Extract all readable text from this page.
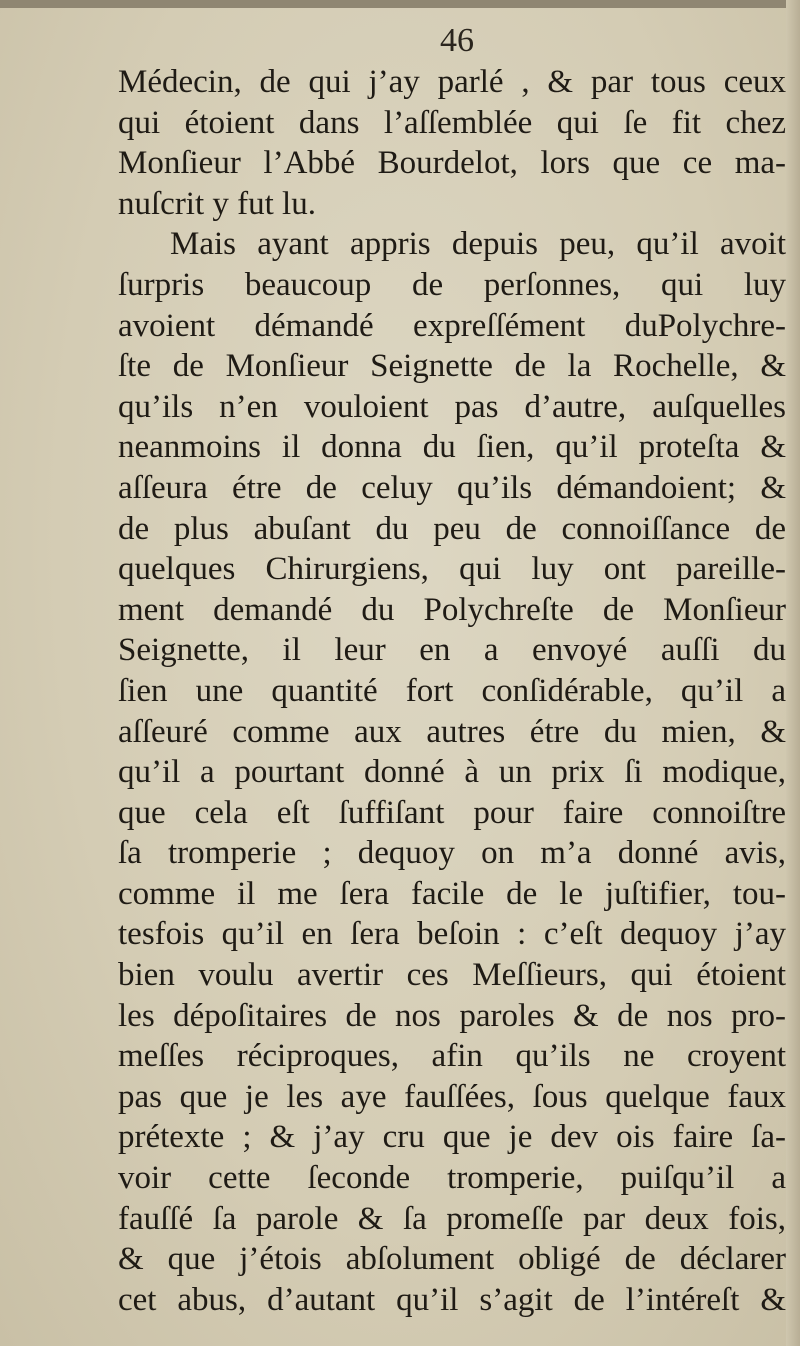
46
Médecin, de qui j’ay parlé , & par tous ceux
qui étoient dans l’aſſemblée qui ſe fit chez
Monſieur l’Abbé Bourdelot, lors que ce ma-
nuſcrit y fut lu.
Mais ayant appris depuis peu, qu’il avoit
ſurpris beaucoup de perſonnes, qui luy
avoient démandé expreſſément duPolychre-
ſte de Monſieur Seignette de la Rochelle, &
qu’ils n’en vouloient pas d’autre, auſquelles
neanmoins il donna du ſien, qu’il proteſta &
aſſeura étre de celuy qu’ils démandoient; &
de plus abuſant du peu de connoiſſance de
quelques Chirurgiens, qui luy ont pareille-
ment demandé du Polychreſte de Monſieur
Seignette, il leur en a envoyé auſſi du
ſien une quantité fort conſidérable, qu’il a
aſſeuré comme aux autres étre du mien, &
qu’il a pourtant donné à un prix ſi modique,
que cela eſt ſuffiſant pour faire connoiſtre
ſa tromperie ; dequoy on m’a donné avis,
comme il me ſera facile de le juſtifier, tou-
tesfois qu’il en ſera beſoin : c’eſt dequoy j’ay
bien voulu avertir ces Meſſieurs, qui étoient
les dépoſitaires de nos paroles & de nos pro-
meſſes réciproques, afin qu’ils ne croyent
pas que je les aye fauſſées, ſous quelque faux
prétexte ; & j’ay cru que je dev ois faire ſa-
voir cette ſeconde tromperie, puiſqu’il a
fauſſé ſa parole & ſa promeſſe par deux fois,
& que j’étois abſolument obligé de déclarer
cet abus, d’autant qu’il s’agit de l’intéreſt &
